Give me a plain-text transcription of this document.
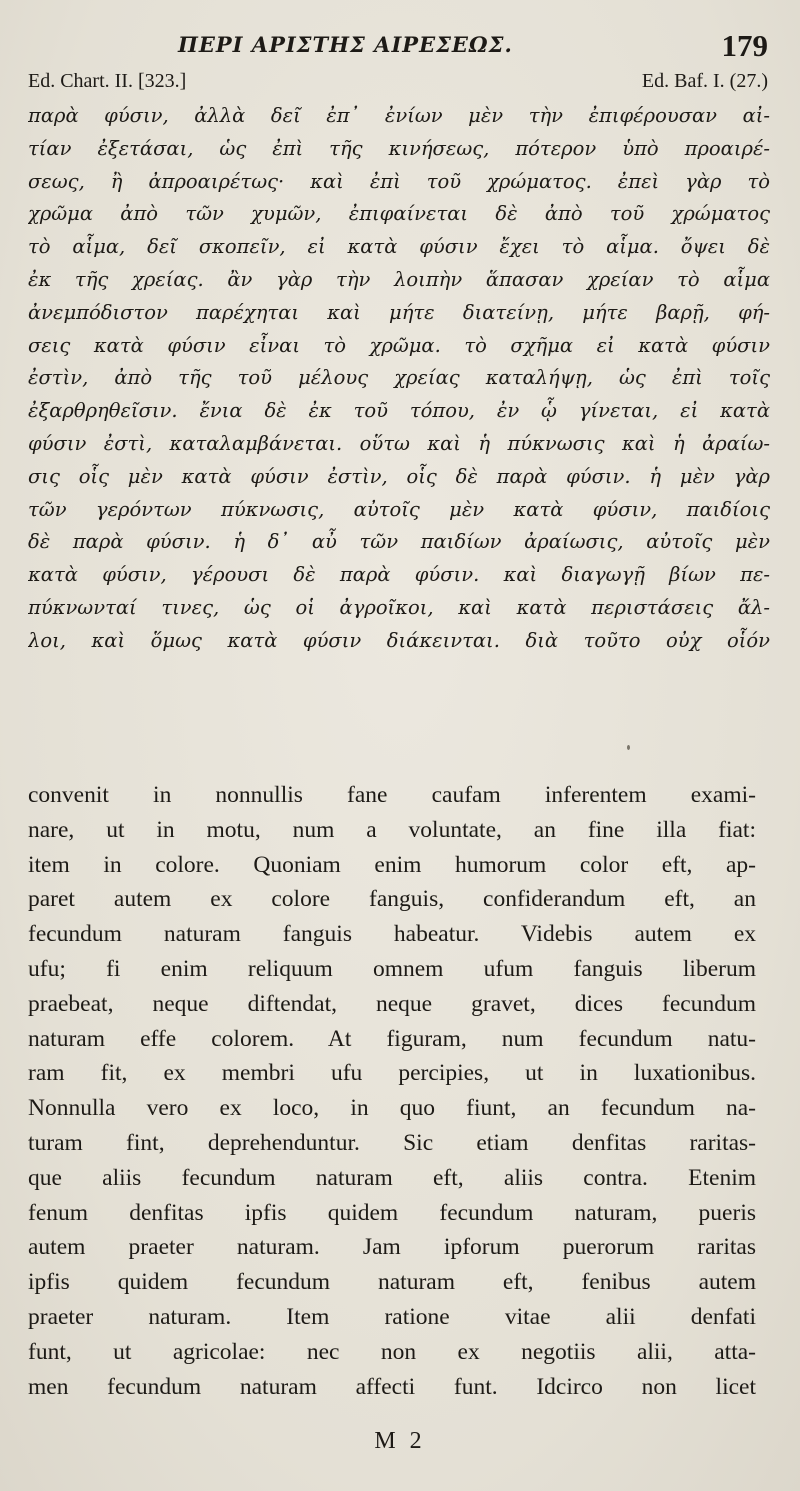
ΠΕΡΙ ΑΡΙΣΤΗΣ ΑΙΡΕΣΕΩΣ.	179
Ed. Chart. II. [323.]	Ed. Baf. I. (27.)
παρὰ φύσιν, ἀλλὰ δεῖ ἐπ᾽ ἐνίων μὲν τὴν ἐπιφέρουσαν αἰ-
τίαν ἐξετάσαι, ὡς ἐπὶ τῆς κινήσεως, πότερον ὑπὸ προαιρέ-
σεως, ἢ ἀπροαιρέτως· καὶ ἐπὶ τοῦ χρώματος. ἐπεὶ γὰρ τὸ
χρῶμα ἀπὸ τῶν χυμῶν, ἐπιφαίνεται δὲ ἀπὸ τοῦ χρώματος
τὸ αἷμα, δεῖ σκοπεῖν, εἰ κατὰ φύσιν ἔχει τὸ αἷμα. ὄψει δὲ
ἐκ τῆς χρείας. ἂν γὰρ τὴν λοιπὴν ἅπασαν χρείαν τὸ αἷμα
ἀνεμπόδιστον παρέχηται καὶ μήτε διατείνῃ, μήτε βαρῇ, φή-
σεις κατὰ φύσιν εἶναι τὸ χρῶμα. τὸ σχῆμα εἰ κατὰ φύσιν
ἐστὶν, ἀπὸ τῆς τοῦ μέλους χρείας καταλήψῃ, ὡς ἐπὶ τοῖς
ἐξαρθρηθεῖσιν. ἔνια δὲ ἐκ τοῦ τόπου, ἐν ᾧ γίνεται, εἰ κατὰ
φύσιν ἐστὶ, καταλαμβάνεται. οὕτω καὶ ἡ πύκνωσις καὶ ἡ ἀραίω-
σις οἷς μὲν κατὰ φύσιν ἐστὶν, οἷς δὲ παρὰ φύσιν. ἡ μὲν γὰρ
τῶν γερόντων πύκνωσις, αὐτοῖς μὲν κατὰ φύσιν, παιδίοις
δὲ παρὰ φύσιν. ἡ δ᾽ αὖ τῶν παιδίων ἀραίωσις, αὐτοῖς μὲν
κατὰ φύσιν, γέρουσι δὲ παρὰ φύσιν. καὶ διαγωγῇ βίων πε-
πύκνωνταί τινες, ὡς οἱ ἀγροῖκοι, καὶ κατὰ περιστάσεις ἄλ-
λοι, καὶ ὅμως κατὰ φύσιν διάκεινται. διὰ τοῦτο οὐχ οἷόν
convenit in nonnullis fane caufam inferentem exami-
nare, ut in motu, num a voluntate, an fine illa fiat:
item in colore. Quoniam enim humorum color eft, ap-
paret autem ex colore fanguis, confiderandum eft, an
fecundum naturam fanguis habeatur. Videbis autem ex
ufu; fi enim reliquum omnem ufum fanguis liberum
praebeat, neque diftendat, neque gravet, dices fecundum
naturam effe colorem. At figuram, num fecundum natu-
ram fit, ex membri ufu percipies, ut in luxationibus.
Nonnulla vero ex loco, in quo fiunt, an fecundum na-
turam fint, deprehenduntur. Sic etiam denfitas raritas-
que aliis fecundum naturam eft, aliis contra. Etenim
fenum denfitas ipfis quidem fecundum naturam, pueris
autem praeter naturam. Jam ipforum puerorum raritas
ipfis quidem fecundum naturam eft, fenibus autem
praeter naturam. Item ratione vitae alii denfati
funt, ut agricolae: nec non ex negotiis alii, atta-
men fecundum naturam affecti funt. Idcirco non licet
M 2
